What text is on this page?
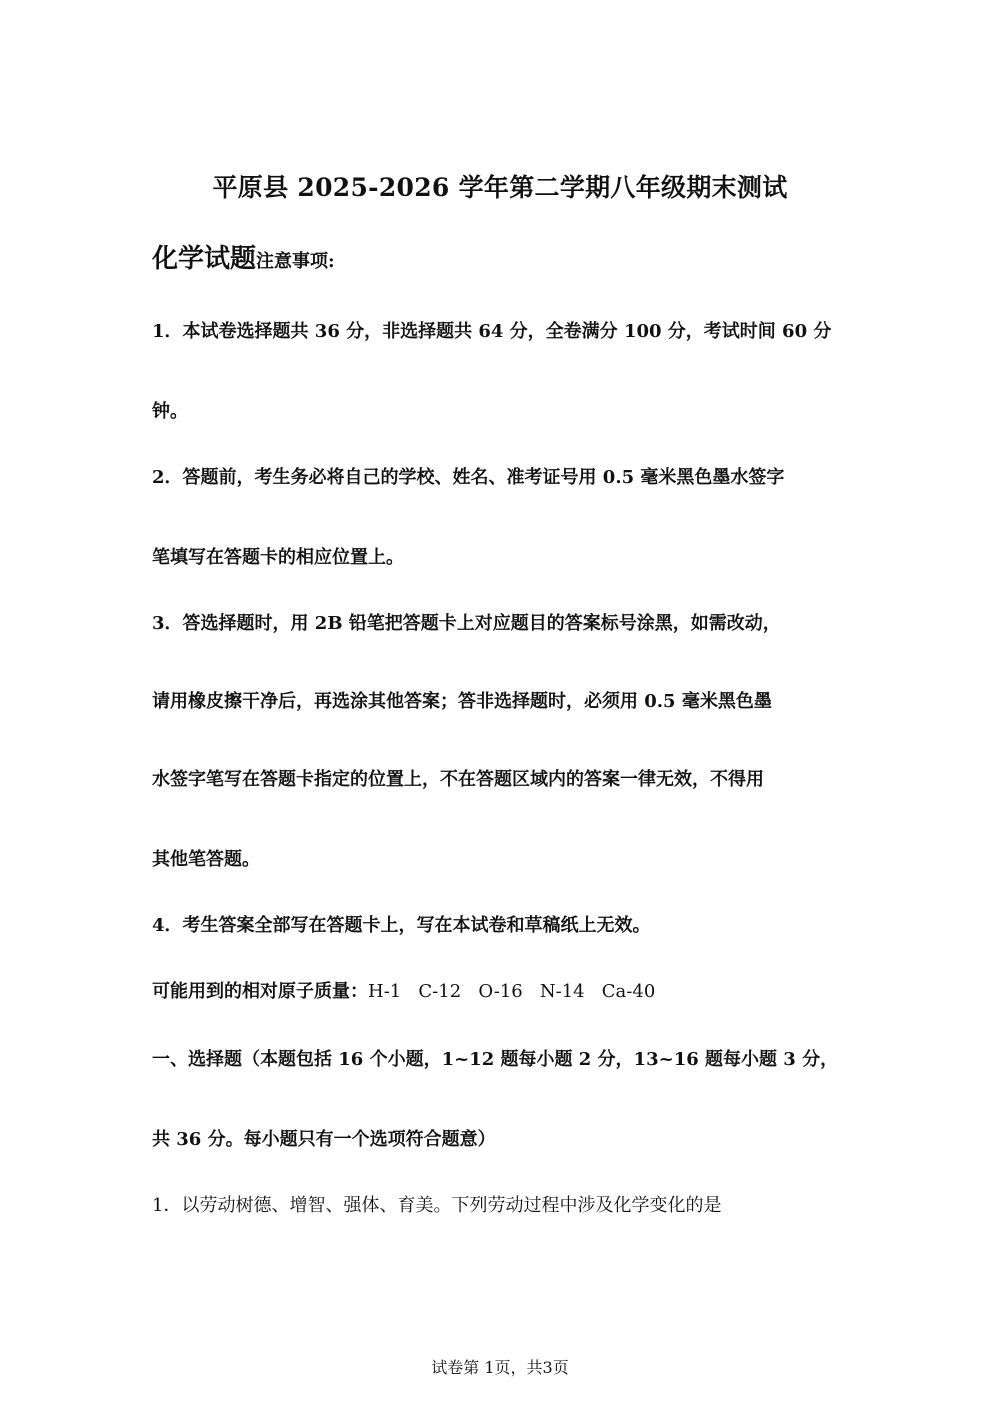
平原县 2025-2026 学年第二学期八年级期末测试
化学试题注意事项:
1．本试卷选择题共 36 分，非选择题共 64 分，全卷满分 100 分，考试时间 60 分
钟。
2．答题前，考生务必将自己的学校、姓名、准考证号用 0.5 毫米黑色墨水签字
笔填写在答题卡的相应位置上。
3．答选择题时，用 2B 铅笔把答题卡上对应题目的答案标号涂黑，如需改动，
请用橡皮擦干净后，再选涂其他答案；答非选择题时，必须用 0.5 毫米黑色墨
水签字笔写在答题卡指定的位置上，不在答题区域内的答案一律无效，不得用
其他笔答题。
4．考生答案全部写在答题卡上，写在本试卷和草稿纸上无效。
可能用到的相对原子质量：H-1   C-12   O-16   N-14   Ca-40
一、选择题（本题包括 16 个小题，1~12 题每小题 2 分，13~16 题每小题 3 分，
共 36 分。每小题只有一个选项符合题意）
1．以劳动树德、增智、强体、育美。下列劳动过程中涉及化学变化的是
试卷第 1页，共3页
